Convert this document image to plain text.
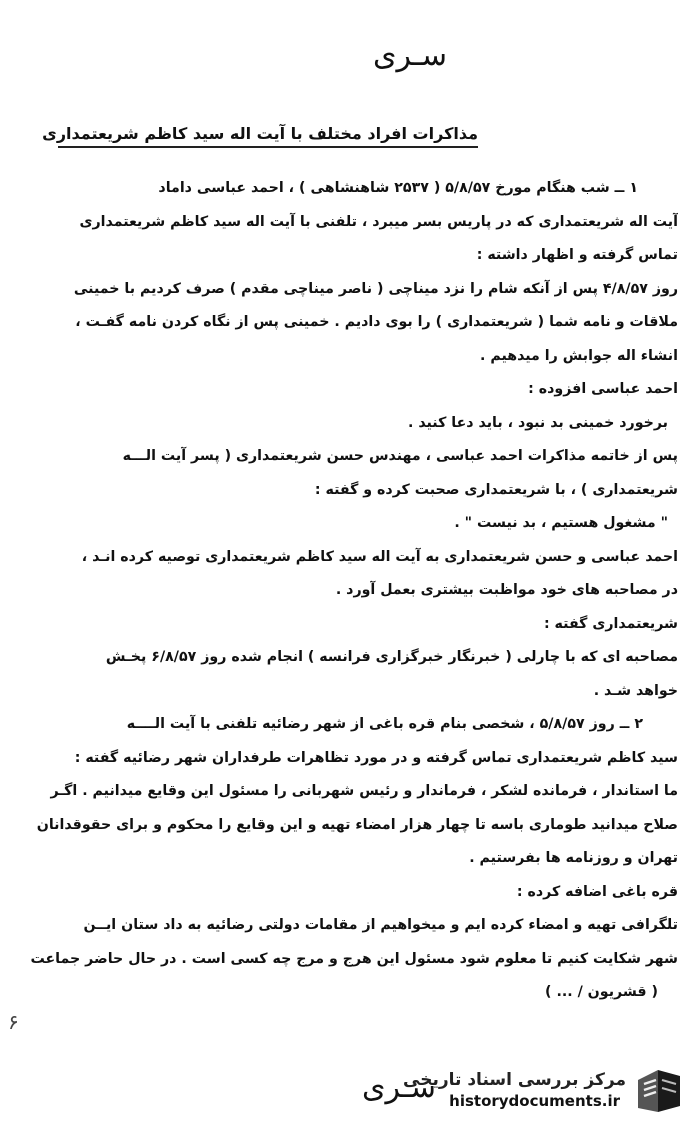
سـری
مذاکرات افراد مختلف با آیت اله سید کاظم شریعتمداری
۱ ــ شب هنگام مورخ ۵/۸/۵۷ ( ۲۵۳۷ شاهنشاهی ) ، احمد عباسی داماد
آیت اله شریعتمداری که در پاریس بسر میبرد ، تلفنی با آیت اله سید کاظم شریعتمداری
تماس گرفته و اظهار داشته :
روز ۴/۸/۵۷ پس از آنکه شام را نزد میناچی ( ناصر میناچی مقدم ) صرف کردیم با خمینی
ملاقات و نامه شما ( شریعتمداری ) را بوی دادیم . خمینی پس از نگاه کردن نامه گفـت ،
انشاء اله جوابش را میدهیم .
احمد عباسی افزوده :
برخورد خمینی بد نبود ، باید دعا کنید .
پس از خاتمه مذاکرات احمد عباسی ، مهندس حسن شریعتمداری ( پسر آیت الـــه
شریعتمداری ) ، با شریعتمداری صحبت کرده و گفته :
" مشغول هستیم ، بد نیست " .
احمد عباسی و حسن شریعتمداری به آیت اله سید کاظم شریعتمداری توصیه کرده انـد ،
در مصاحبه های خود مواظبت بیشتری بعمل آورد .
شریعتمداری گفته :
مصاحبه ای که با چارلی ( خبرنگار خبرگزاری فرانسه ) انجام شده روز ۶/۸/۵۷ پخـش
خواهد شـد .
۲ ــ روز ۵/۸/۵۷ ، شخصی بنام قره باغی از شهر رضائیه تلفنی با آیت الــــه
سید کاظم شریعتمداری تماس گرفته و در مورد تظاهرات طرفداران شهر رضائیه گفته :
ما استاندار ، فرمانده لشکر ، فرماندار و رئیس شهربانی را مسئول این وقایع میدانیم . اگـر
صلاح میدانید طوماری باسه تا چهار هزار امضاء تهیه و این وقایع را محکوم و برای حقوقدانان
تهران و روزنامه ها بفرستیم .
قره باغی اضافه کرده :
تلگرافی تهیه و امضاء کرده ایم و میخواهیم از مقامات دولتی رضائیه به داد ستان ایــن
شهر شکایت کنیم تا معلوم شود مسئول این هرج و مرج چه کسی است . در حال حاضر جماعت
( قشریون / ... )
۶
سـری
مرکز بررسی اسناد تاریخی
historydocuments.ir
